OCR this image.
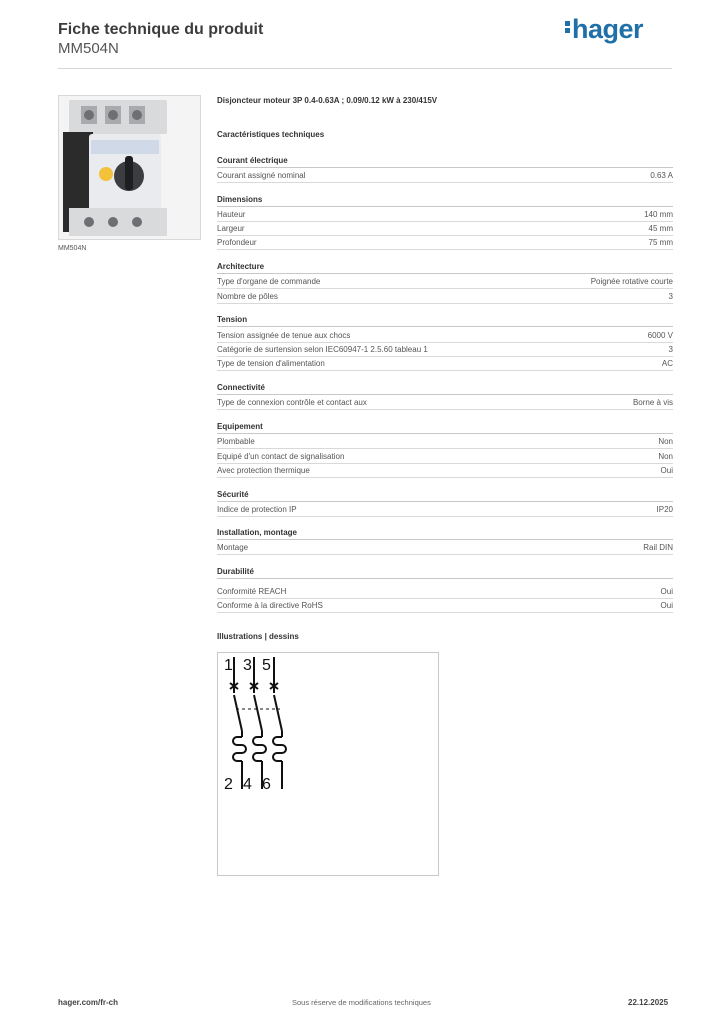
Fiche technique du produit
MM504N
hager
MM504N
Disjoncteur moteur 3P 0.4-0.63A ; 0.09/0.12 kW à 230/415V
Caractéristiques techniques
Courant électrique
Courant assigné nominal	0.63 A
Dimensions
Hauteur	140 mm
Largeur	45 mm
Profondeur	75 mm
Architecture
Type d'organe de commande	Poignée rotative courte
Nombre de pôles	3
Tension
Tension assignée de tenue aux chocs	6000 V
Catégorie de surtension selon IEC60947-1 2.5.60 tableau 1	3
Type de tension d'alimentation	AC
Connectivité
Type de connexion contrôle et contact aux	Borne à vis
Equipement
Plombable	Non
Equipé d'un contact de signalisation	Non
Avec protection thermique	Oui
Sécurité
Indice de protection IP	IP20
Installation, montage
Montage	Rail DIN
Durabilité
Conformité REACH	Oui
Conforme à la directive RoHS	Oui
Illustrations | dessins
1 3 5
2 4 6
hager.com/fr-ch	Sous réserve de modifications techniques	22.12.2025
